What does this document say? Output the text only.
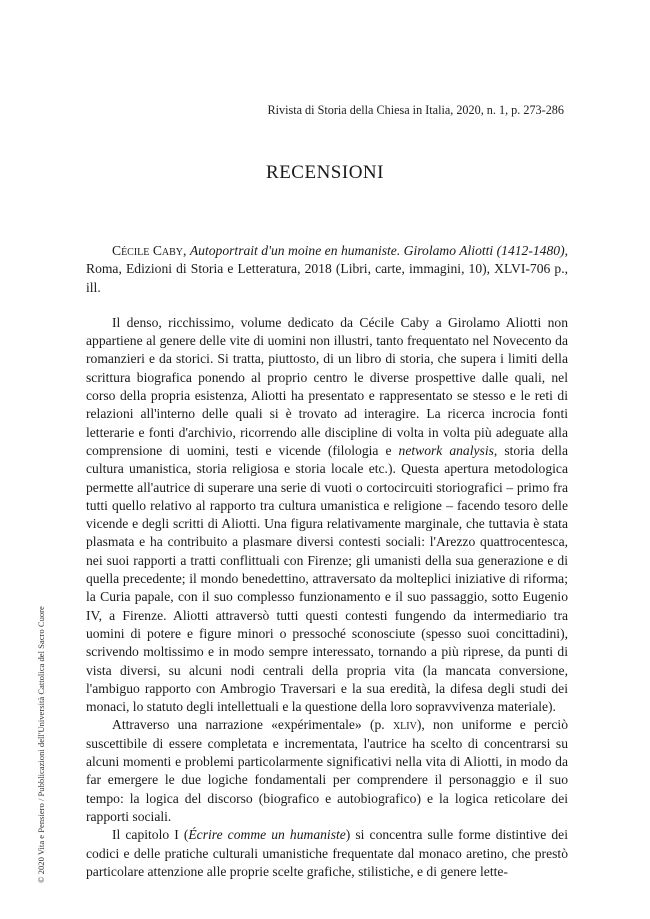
Rivista di Storia della Chiesa in Italia, 2020, n. 1, p. 273-286
RECENSIONI
© 2020 Vita e Pensiero / Pubblicazioni dell'Università Cattolica del Sacro Cuore

Cécile Caby, Autoportrait d'un moine en humaniste. Girolamo Aliotti (1412-1480), Roma, Edizioni di Storia e Letteratura, 2018 (Libri, carte, immagini, 10), XLVI-706 p., ill.

Il denso, ricchissimo, volume dedicato da Cécile Caby a Girolamo Aliotti non appartiene al genere delle vite di uomini non illustri, tanto frequentato nel Novecento da romanzieri e da storici. Si tratta, piuttosto, di un libro di storia, che supera i limiti della scrittura biografica ponendo al proprio centro le diverse prospettive dalle quali, nel corso della propria esistenza, Aliotti ha presentato e rappresentato se stesso e le reti di relazioni all'interno delle quali si è trovato ad interagire. La ricerca incrocia fonti letterarie e fonti d'archivio, ricorrendo alle discipline di volta in volta più adeguate alla comprensione di uomini, testi e vicende (filologia e network analysis, storia della cultura umanistica, storia religiosa e storia locale etc.). Questa apertura metodologica permette all'autrice di superare una serie di vuoti o cortocircuiti storiografici – primo fra tutti quello relativo al rapporto tra cultura umanistica e religione – facendo tesoro delle vicende e degli scritti di Aliotti. Una figura relativamente marginale, che tuttavia è stata plasmata e ha contribuito a plasmare diversi contesti sociali: l'Arezzo quattrocentesca, nei suoi rapporti a tratti conflittuali con Firenze; gli umanisti della sua generazione e di quella precedente; il mondo benedettino, attraversato da molteplici iniziative di riforma; la Curia papale, con il suo complesso funzionamento e il suo passaggio, sotto Eugenio IV, a Firenze. Aliotti attraversò tutti questi contesti fungendo da intermediario tra uomini di potere e figure minori o pressoché sconosciute (spesso suoi concittadini), scrivendo moltissimo e in modo sempre interessato, tornando a più riprese, da punti di vista diversi, su alcuni nodi centrali della propria vita (la mancata conversione, l'ambiguo rapporto con Ambrogio Traversari e la sua eredità, la difesa degli studi dei monaci, lo statuto degli intellettuali e la questione della loro sopravvivenza materiale).

Attraverso una narrazione «expérimentale» (p. xliv), non uniforme e perciò suscettibile di essere completata e incrementata, l'autrice ha scelto di concentrarsi su alcuni momenti e problemi particolarmente significativi nella vita di Aliotti, in modo da far emergere le due logiche fondamentali per comprendere il personaggio e il suo tempo: la logica del discorso (biografico e autobiografico) e la logica reticolare dei rapporti sociali.

Il capitolo I (Écrire comme un humaniste) si concentra sulle forme distintive dei codici e delle pratiche culturali umanistiche frequentate dal monaco aretino, che prestò particolare attenzione alle proprie scelte grafiche, stilistiche, e di genere lette-
